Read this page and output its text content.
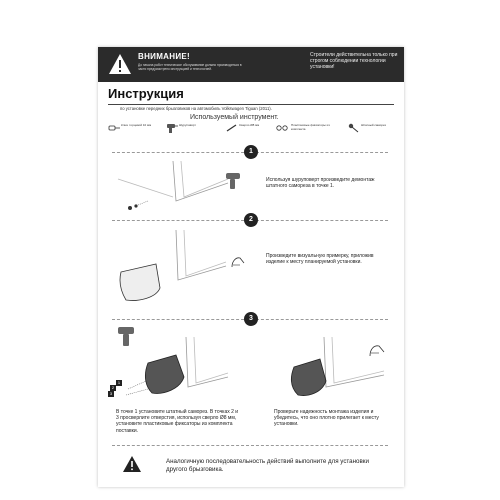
ВНИМАНИЕ!
До начала работ техническое обслуживание должно производиться в части предусмотрено инструкцией и технологией.
Строители действительна только при строгом соблюдении технологии установки!
Инструкция
по установке передних брызговиков на автомобиль Volkswagen Tiguan (2011).
Используемый инструмент.
Ключ торцевой 10 мм	Шуруповёрт	Сверло Ø8 мм	Пластиковые фиксаторы из комплекта
Штатный саморез
1
Используя шуруповерт произведите демонтаж штатного самореза в точке 1.
2
Произведите визуальную примерку, приложив изделие к месту планируемой установки.
3
1
2
3
В точке 1 установите штатный саморез. В точках 2 и 3 просверлите отверстия, используя сверло Ø8 мм, установите пластиковые фиксаторы из комплекта поставки.
Проверьте надежность монтажа изделия и убедитесь, что оно плотно прилегает к месту установки.
Аналогичную последовательность действий выполните для установки другого брызговика.
